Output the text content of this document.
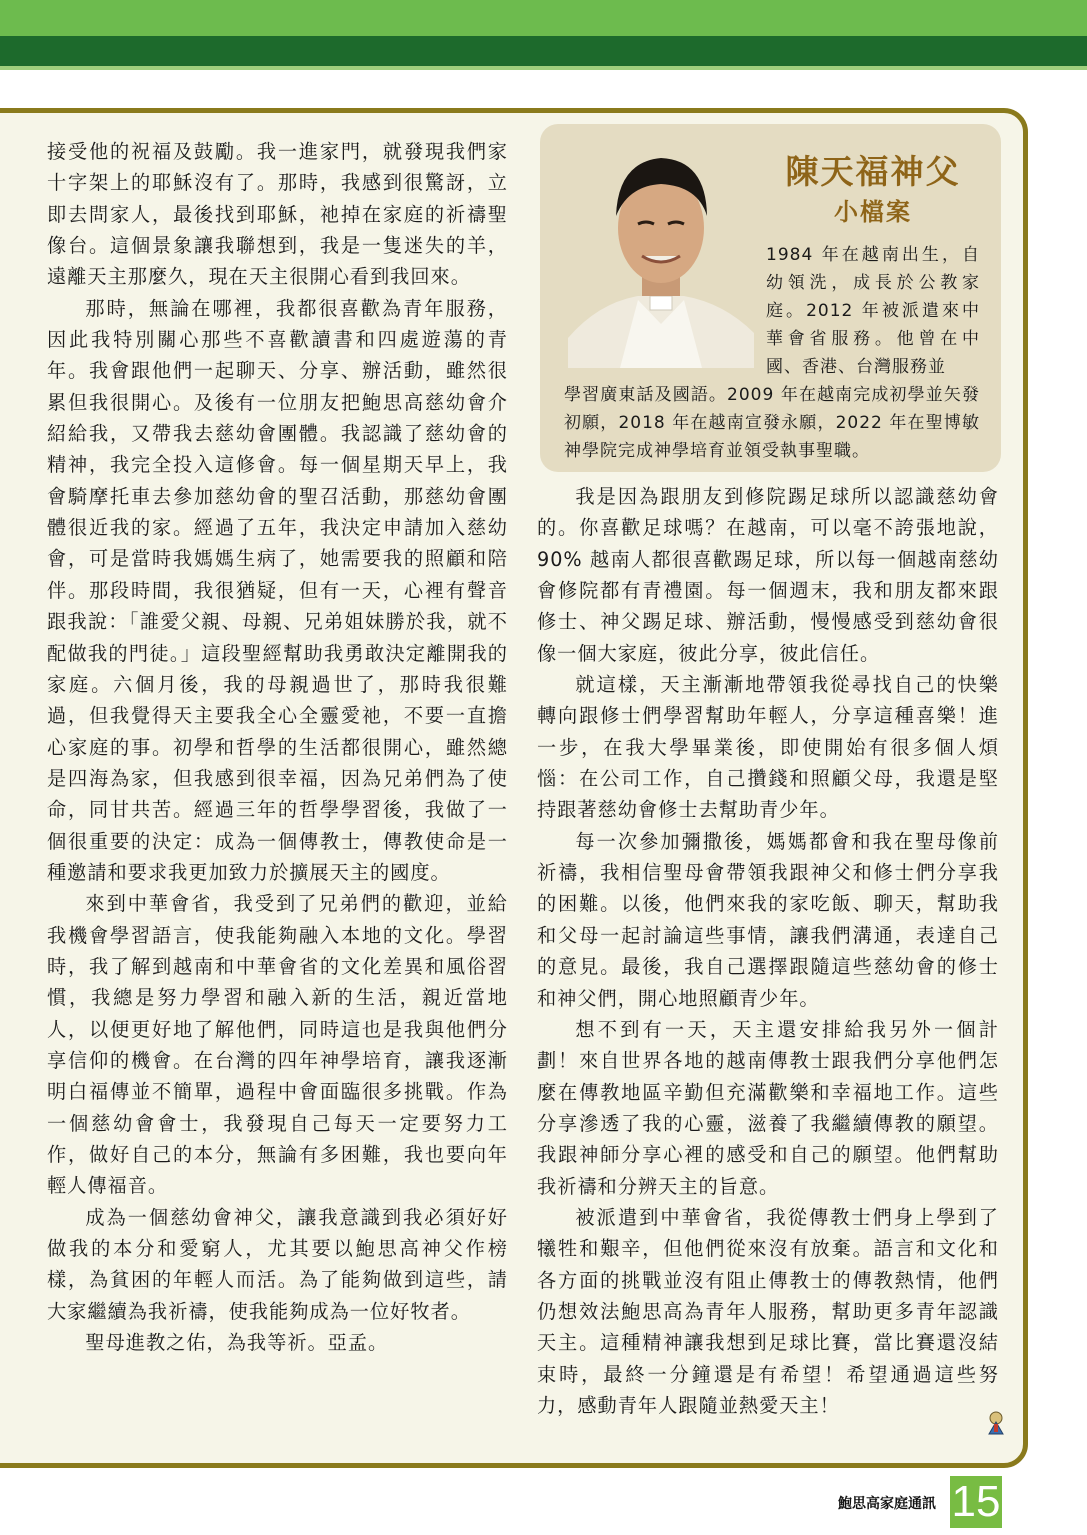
陳天福神父
小檔案
1984 年在越南出生，自幼領洗，成長於公教家庭。2012 年被派遣來中華會省服務。他曾在中國、香港、台灣服務並
學習廣東話及國語。2009 年在越南完成初學並矢發初願，2018 年在越南宣發永願，2022 年在聖博敏神學院完成神學培育並領受執事聖職。

接受他的祝福及鼓勵。我一進家門，就發現我們家十字架上的耶穌沒有了。那時，我感到很驚訝，立即去問家人，最後找到耶穌，祂掉在家庭的祈禱聖像台。這個景象讓我聯想到，我是一隻迷失的羊，遠離天主那麼久，現在天主很開心看到我回來。

那時，無論在哪裡，我都很喜歡為青年服務，因此我特別關心那些不喜歡讀書和四處遊蕩的青年。我會跟他們一起聊天、分享、辦活動，雖然很累但我很開心。及後有一位朋友把鮑思高慈幼會介紹給我，又帶我去慈幼會團體。我認識了慈幼會的精神，我完全投入這修會。每一個星期天早上，我會騎摩托車去參加慈幼會的聖召活動，那慈幼會團體很近我的家。經過了五年，我決定申請加入慈幼會，可是當時我媽媽生病了，她需要我的照顧和陪伴。那段時間，我很猶疑，但有一天，心裡有聲音跟我說：「誰愛父親、母親、兄弟姐妹勝於我，就不配做我的門徒。」這段聖經幫助我勇敢決定離開我的家庭。六個月後，我的母親過世了，那時我很難過，但我覺得天主要我全心全靈愛祂，不要一直擔心家庭的事。初學和哲學的生活都很開心，雖然總是四海為家，但我感到很幸福，因為兄弟們為了使命，同甘共苦。經過三年的哲學學習後，我做了一個很重要的決定：成為一個傳教士，傳教使命是一種邀請和要求我更加致力於擴展天主的國度。

來到中華會省，我受到了兄弟們的歡迎，並給我機會學習語言，使我能夠融入本地的文化。學習時，我了解到越南和中華會省的文化差異和風俗習慣，我總是努力學習和融入新的生活，親近當地人，以便更好地了解他們，同時這也是我與他們分享信仰的機會。在台灣的四年神學培育，讓我逐漸明白福傳並不簡單，過程中會面臨很多挑戰。作為一個慈幼會會士，我發現自己每天一定要努力工作，做好自己的本分，無論有多困難，我也要向年輕人傳福音。

成為一個慈幼會神父，讓我意識到我必須好好做我的本分和愛窮人，尤其要以鮑思高神父作榜樣，為貧困的年輕人而活。為了能夠做到這些，請大家繼續為我祈禱，使我能夠成為一位好牧者。

聖母進教之佑，為我等祈。亞孟。

我是因為跟朋友到修院踢足球所以認識慈幼會的。你喜歡足球嗎？在越南，可以毫不誇張地說，90% 越南人都很喜歡踢足球，所以每一個越南慈幼會修院都有青禮園。每一個週末，我和朋友都來跟修士、神父踢足球、辦活動，慢慢感受到慈幼會很像一個大家庭，彼此分享，彼此信任。

就這樣，天主漸漸地帶領我從尋找自己的快樂轉向跟修士們學習幫助年輕人，分享這種喜樂！進一步，在我大學畢業後，即使開始有很多個人煩惱：在公司工作，自己攢錢和照顧父母，我還是堅持跟著慈幼會修士去幫助青少年。

每一次參加彌撒後，媽媽都會和我在聖母像前祈禱，我相信聖母會帶領我跟神父和修士們分享我的困難。以後，他們來我的家吃飯、聊天，幫助我和父母一起討論這些事情，讓我們溝通，表達自己的意見。最後，我自己選擇跟隨這些慈幼會的修士和神父們，開心地照顧青少年。

想不到有一天，天主還安排給我另外一個計劃！來自世界各地的越南傳教士跟我們分享他們怎麼在傳教地區辛勤但充滿歡樂和幸福地工作。這些分享滲透了我的心靈，滋養了我繼續傳教的願望。我跟神師分享心裡的感受和自己的願望。他們幫助我祈禱和分辨天主的旨意。

被派遣到中華會省，我從傳教士們身上學到了犧牲和艱辛，但他們從來沒有放棄。語言和文化和各方面的挑戰並沒有阻止傳教士的傳教熱情，他們仍想效法鮑思高為青年人服務，幫助更多青年認識天主。這種精神讓我想到足球比賽，當比賽還沒結束時，最終一分鐘還是有希望！希望通過這些努力，感動青年人跟隨並熱愛天主！

鮑思高家庭通訊 15
